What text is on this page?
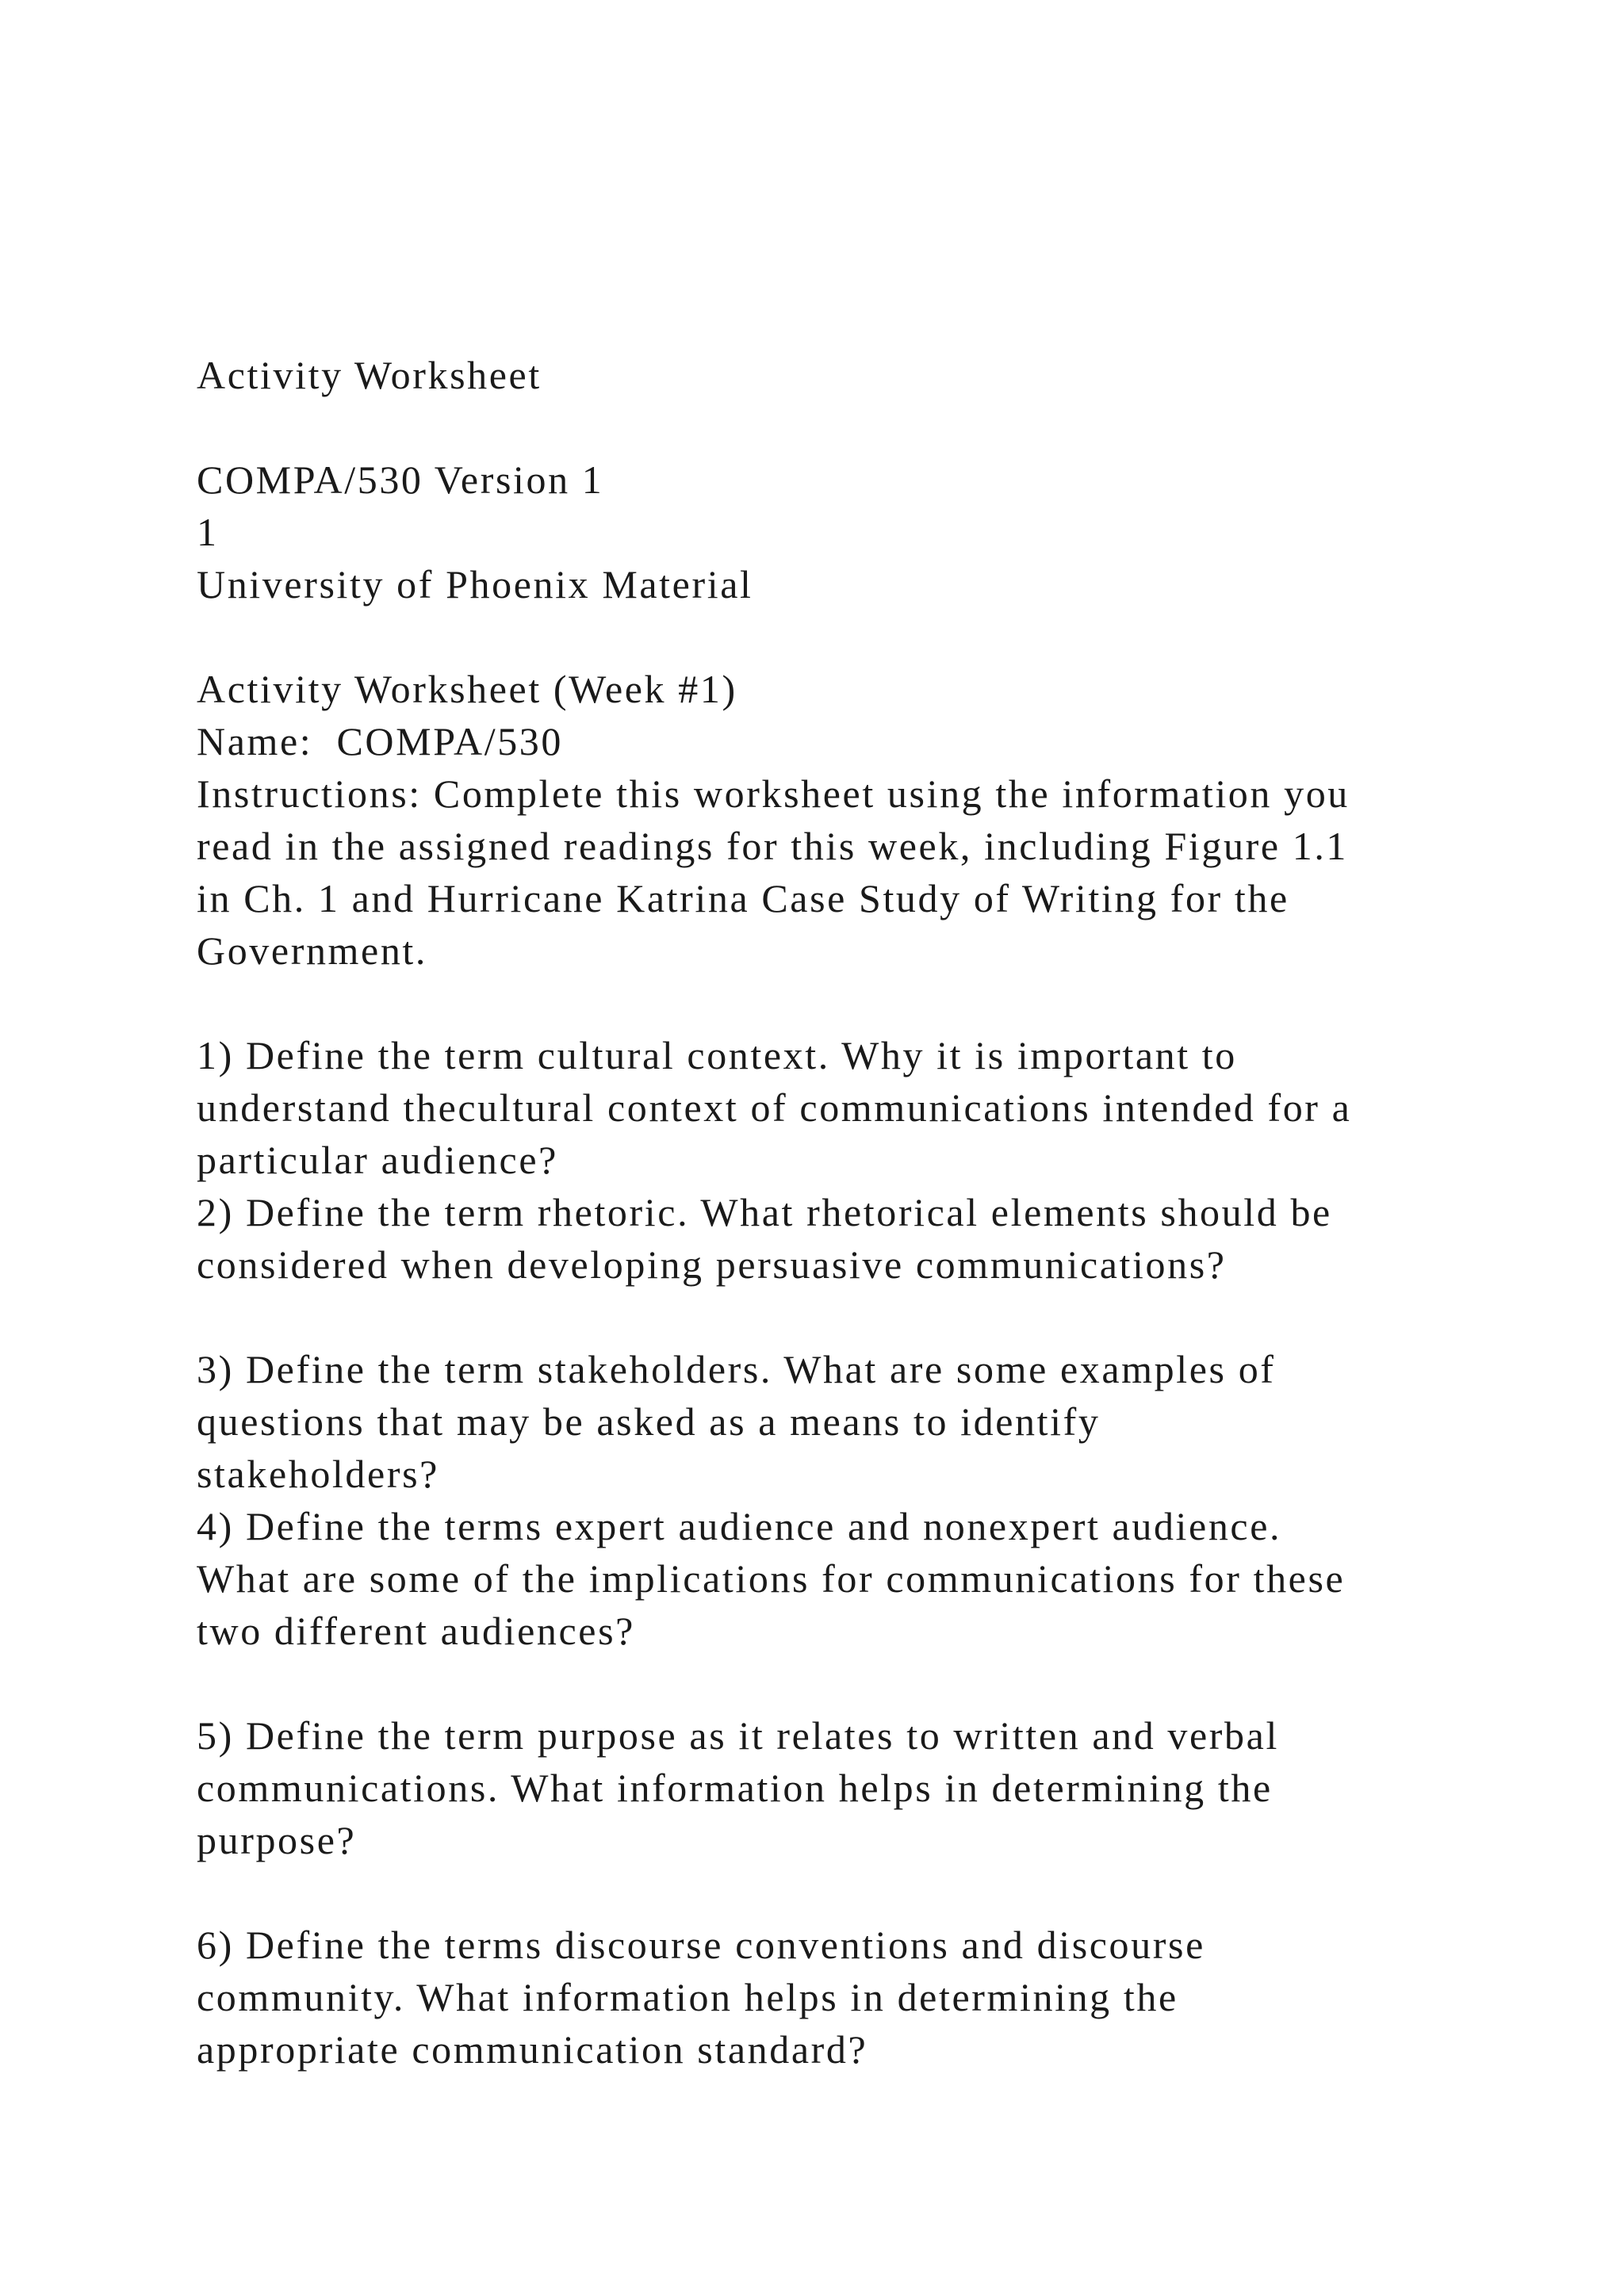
Activity Worksheet
COMPA/530 Version 1
1
University of Phoenix Material
Activity Worksheet (Week #1)
Name:  COMPA/530
Instructions: Complete this worksheet using the information you
read in the assigned readings for this week, including Figure 1.1
in Ch. 1 and Hurricane Katrina Case Study of Writing for the
Government.
1) Define the term cultural context. Why it is important to
understand thecultural context of communications intended for a
particular audience?
2) Define the term rhetoric. What rhetorical elements should be
considered when developing persuasive communications?
3) Define the term stakeholders. What are some examples of
questions that may be asked as a means to identify
stakeholders?
4) Define the terms expert audience and nonexpert audience.
What are some of the implications for communications for these
two different audiences?
5) Define the term purpose as it relates to written and verbal
communications. What information helps in determining the
purpose?
6) Define the terms discourse conventions and discourse
community. What information helps in determining the
appropriate communication standard?
